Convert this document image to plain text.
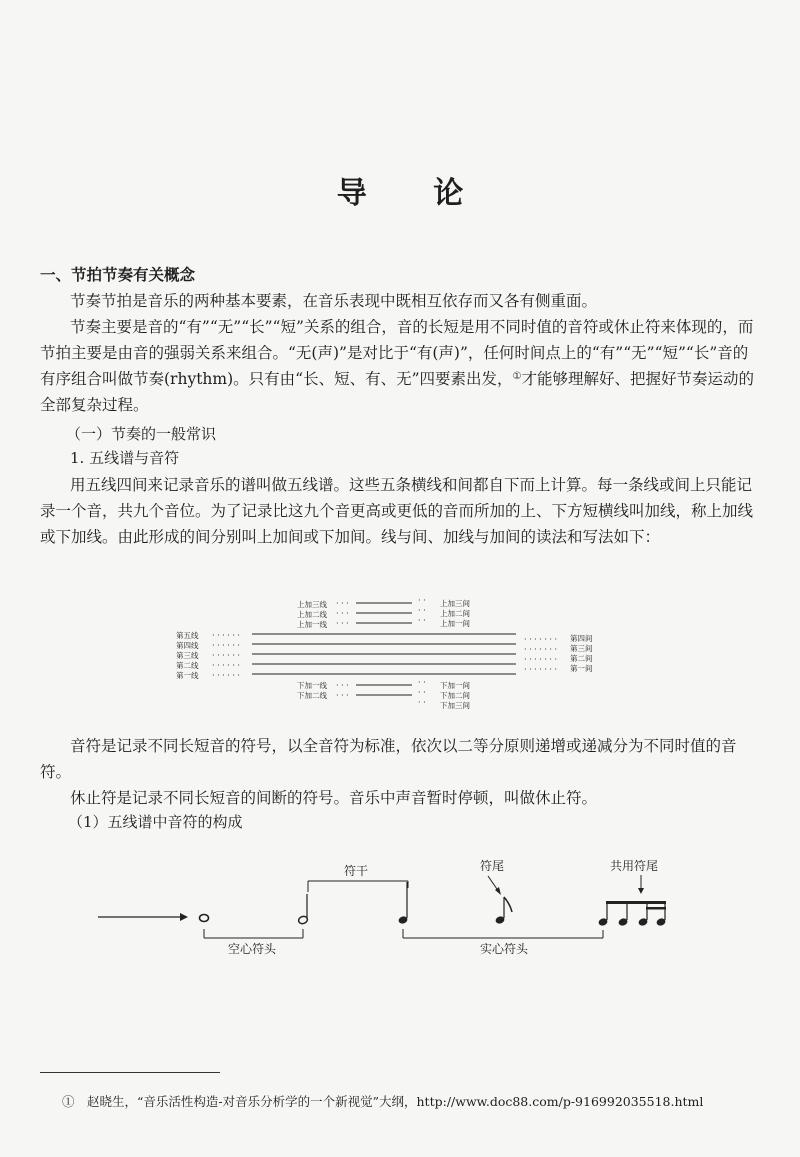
导 论
一、节拍节奏有关概念
节奏节拍是音乐的两种基本要素，在音乐表现中既相互依存而又各有侧重面。
节奏主要是音的“有”“无”“长”“短”关系的组合，音的长短是用不同时值的音符或休止符来体现的，而节拍主要是由音的强弱关系来组合。“无(声)”是对比于“有(声)”，任何时间点上的“有”“无”“短”“长”音的有序组合叫做节奏(rhythm)。只有由“长、短、有、无”四要素出发，①才能够理解好、把握好节奏运动的全部复杂过程。
（一）节奏的一般常识
1. 五线谱与音符
用五线四间来记录音乐的谱叫做五线谱。这些五条横线和间都自下而上计算。每一条线或间上只能记录一个音，共九个音位。为了记录比这九个音更高或更低的音而所加的上、下方短横线叫加线，称上加线或下加线。由此形成的间分别叫上加间或下加间。线与间、加线与加间的读法和写法如下：
上加三线
上加二线
上加一线
· · ·
· · ·
· · ·
· ·
· ·
· ·
上加三间
上加二间
上加一间
第五线
第四线
第三线
第二线
第一线
· · · · · ·
· · · · · ·
· · · · · ·
· · · · · ·
· · · · · ·
· · · · · · ·
· · · · · · ·
· · · · · · ·
· · · · · · ·
第四间
第三间
第二间
第一间
下加一线
下加二线
· · ·
· · ·
· ·
· ·
· ·
下加一间
下加二间
下加三间
音符是记录不同长短音的符号，以全音符为标准，依次以二等分原则递增或递减分为不同时值的音符。
休止符是记录不同长短音的间断的符号。音乐中声音暂时停顿，叫做休止符。
（1）五线谱中音符的构成
符干	符尾	共用符尾
空心符头	实心符头
①　赵晓生，“音乐活性构造-对音乐分析学的一个新视觉”大纲，http://www.doc88.com/p-916992035518.html
